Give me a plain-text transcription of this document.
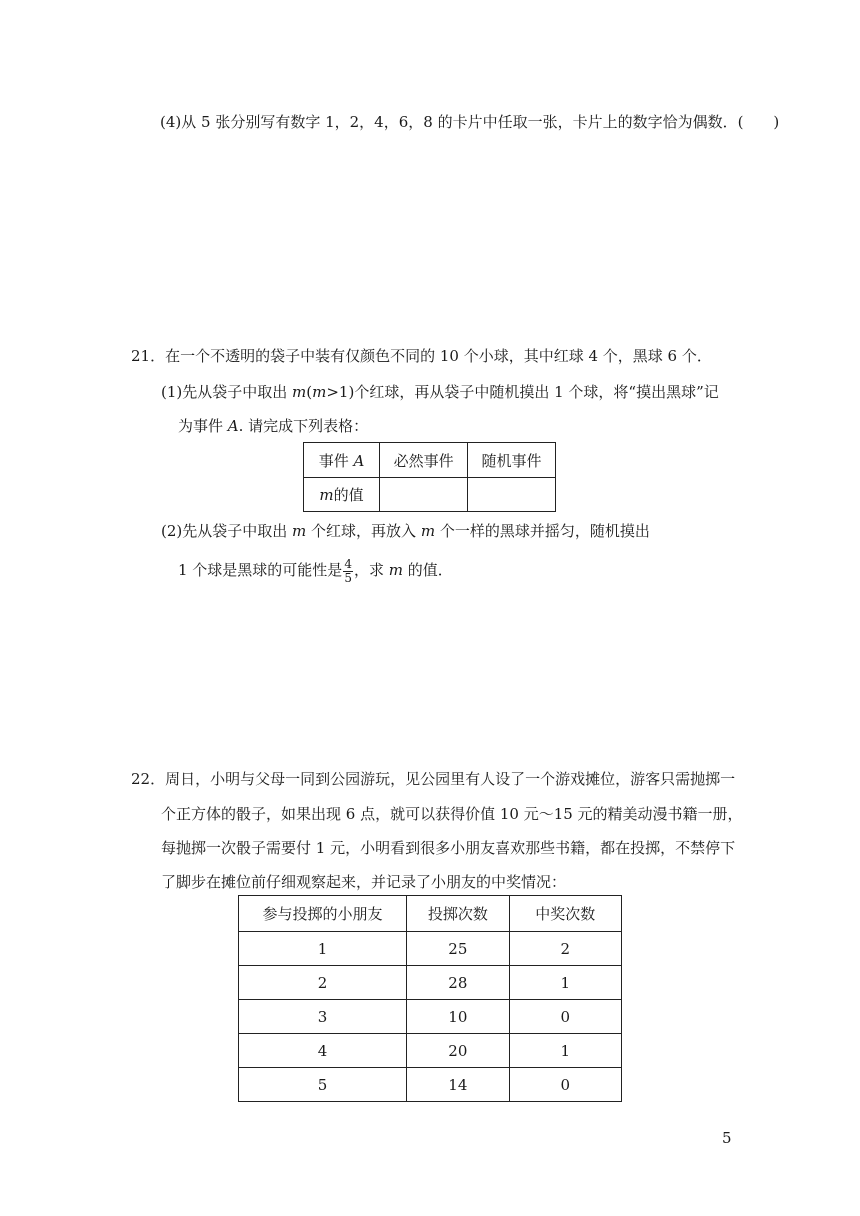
(4)从 5 张分别写有数字 1，2，4，6，8 的卡片中任取一张，卡片上的数字恰为偶数．(　　)
21．在一个不透明的袋子中装有仅颜色不同的 10 个小球，其中红球 4 个，黑球 6 个．
(1)先从袋子中取出 m(m>1)个红球，再从袋子中随机摸出 1 个球，将“摸出黑球”记
为事件 A. 请完成下列表格：
事件 A	必然事件	随机事件
m的值		
(2)先从袋子中取出 m 个红球，再放入 m 个一样的黑球并摇匀，随机摸出
1 个球是黑球的可能性是 $\frac{4}{5}$ ，求 m 的值．
22．周日，小明与父母一同到公园游玩，见公园里有人设了一个游戏摊位，游客只需抛掷一
个正方体的骰子，如果出现 6 点，就可以获得价值 10 元～15 元的精美动漫书籍一册，
每抛掷一次骰子需要付 1 元，小明看到很多小朋友喜欢那些书籍，都在投掷，不禁停下
了脚步在摊位前仔细观察起来，并记录了小朋友的中奖情况：
参与投掷的小朋友	投掷次数	中奖次数
1	25	2
2	28	1
3	10	0
4	20	1
5	14	0
5
